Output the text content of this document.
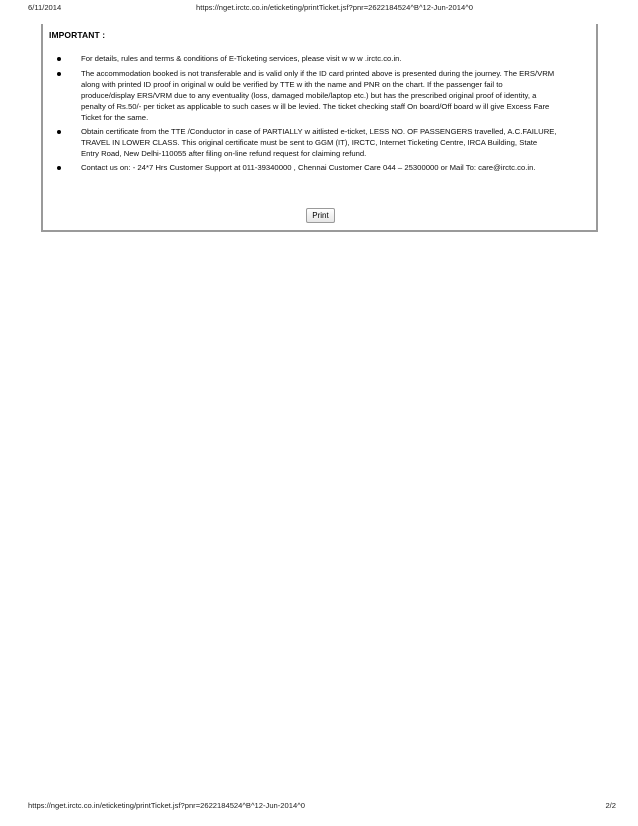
6/11/2014	https://nget.irctc.co.in/eticketing/printTicket.jsf?pnr=2622184524^B^12-Jun-2014^0
IMPORTANT :
For details, rules and terms & conditions of E-Ticketing services, please visit w w w .irctc.co.in.
The accommodation booked is not transferable and is valid only if the ID card printed above is presented during the journey. The ERS/VRM along with printed ID proof in original w ould be verified by TTE w ith the name and PNR on the chart. If the passenger fail to produce/display ERS/VRM due to any eventuality (loss, damaged mobile/laptop etc.) but has the prescribed original proof of identity, a penalty of Rs.50/- per ticket as applicable to such cases w ill be levied. The ticket checking staff On board/Off board w ill give Excess Fare Ticket for the same.
Obtain certificate from the TTE /Conductor in case of PARTIALLY w aitlisted e-ticket, LESS NO. OF PASSENGERS travelled, A.C.FAILURE, TRAVEL IN LOWER CLASS. This original certificate must be sent to GGM (IT), IRCTC, Internet Ticketing Centre, IRCA Building, State Entry Road, New Delhi-110055 after filing on-line refund request for claiming refund.
Contact us on: - 24*7 Hrs Customer Support at 011-39340000 , Chennai Customer Care 044 – 25300000 or Mail To: care@irctc.co.in.
Print
https://nget.irctc.co.in/eticketing/printTicket.jsf?pnr=2622184524^B^12-Jun-2014^0	2/2
